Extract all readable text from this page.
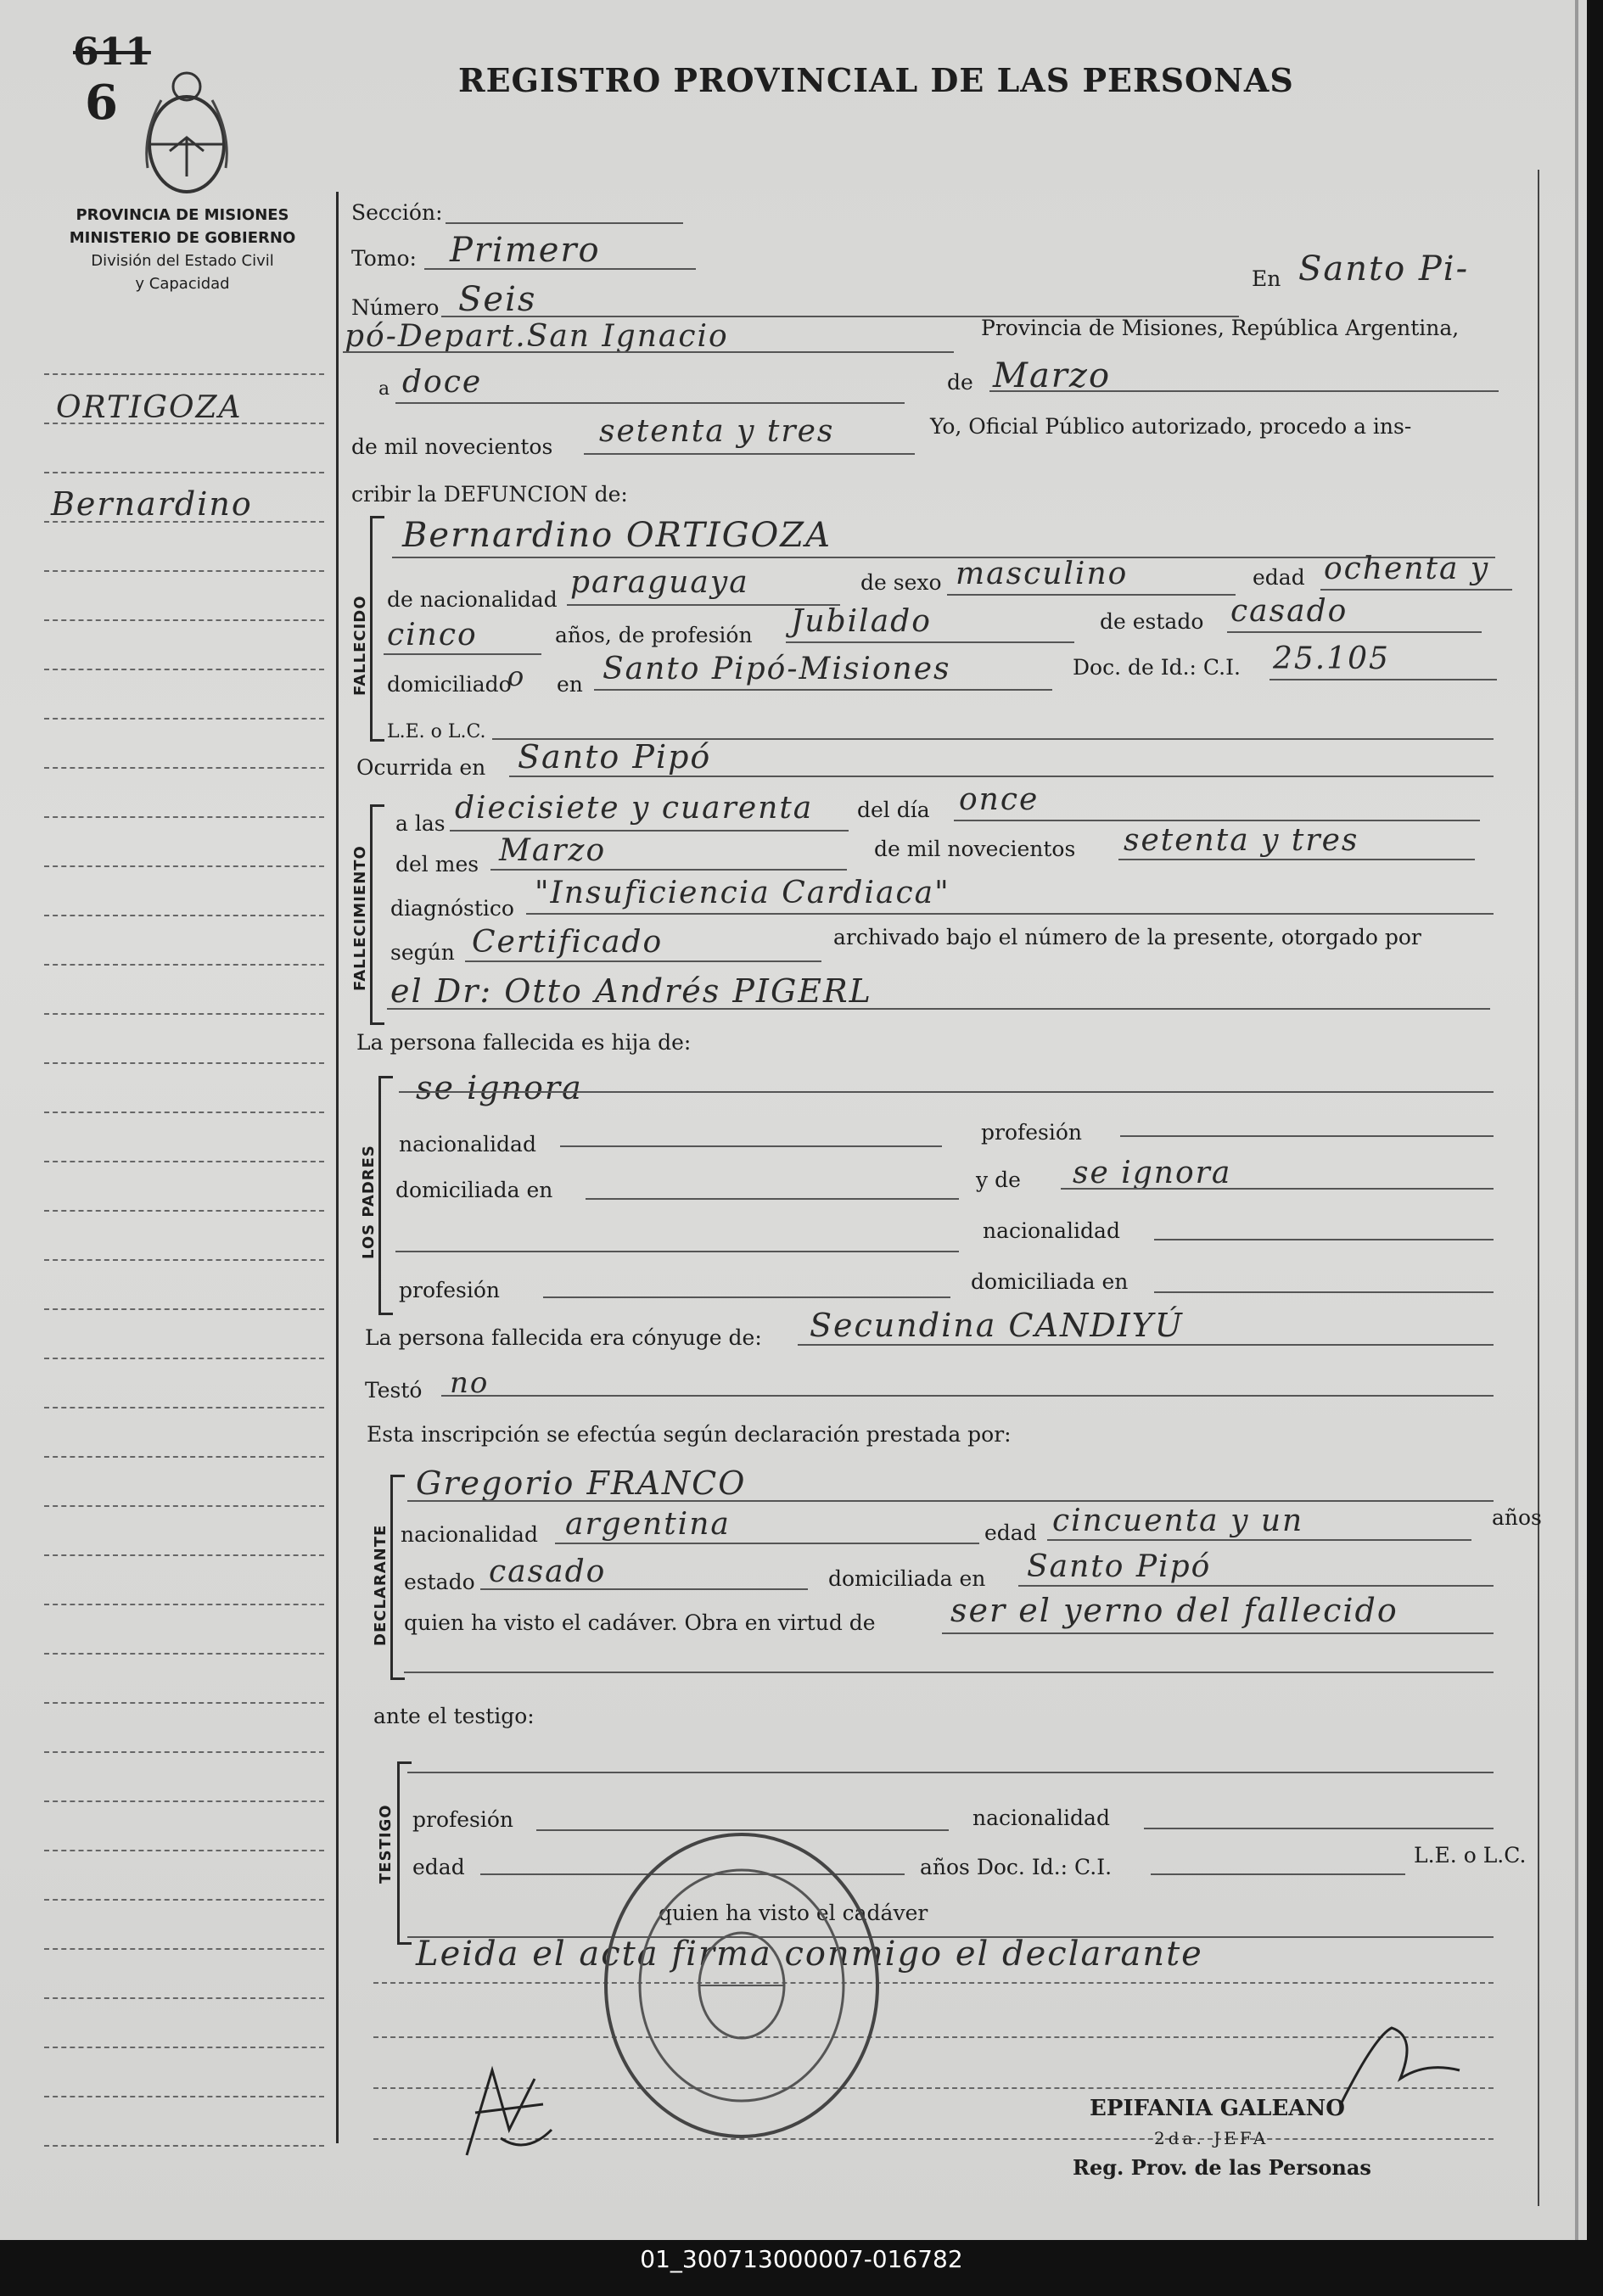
611
6	REGISTRO PROVINCIAL DE LAS PERSONAS
PROVINCIA DE MISIONES
MINISTERIO DE GOBIERNO
División del Estado Civil
y Capacidad
ORTIGOZA
Bernardino
Sección:
Tomo: Primero
Número Seis
En Santo Pi-
pó-Depart.San Ignacio	Provincia de Misiones, República Argentina,
a doce	de Marzo
de mil novecientos setenta y tres	Yo, Oficial Público autorizado, procedo a ins-
cribir la DEFUNCION de:
FALLECIDO
Bernardino ORTIGOZA
de nacionalidad paraguaya	de sexo masculino	edad ochenta y
cinco	años, de profesión Jubilado	de estado casado
domiciliado
o en Santo Pipó-Misiones	Doc. de Id.: C.I. 25.105
L.E. o L.C.
Ocurrida en Santo Pipó
FALLECIMIENTO
a las diecisiete y cuarenta del día once
del mes Marzo	de mil novecientos setenta y tres
diagnóstico "Insuficiencia Cardiaca"
según Certificado	archivado bajo el número de la presente, otorgado por
el Dr: Otto Andrés PIGERL
La persona fallecida es hija de:
LOS PADRES
se ignora
nacionalidad	profesión
domiciliada en	y de se ignora
nacionalidad
profesión	domiciliada en
La persona fallecida era cónyuge de: Secundina CANDIYÚ
Testó no
Esta inscripción se efectúa según declaración prestada por:
DECLARANTE
Gregorio FRANCO
nacionalidad argentina	edad cincuenta y un	años
estado casado	domiciliada en Santo Pipó
quien ha visto el cadáver. Obra en virtud de ser el yerno del fallecido
ante el testigo:
TESTIGO profesión	nacionalidad
edad	años Doc. Id.: C.I.	L.E. o L.C.
quien ha visto el cadáver
Leida el acta firma conmigo el declarante
EPIFANIA GALEANO
2da. JEFA
Reg. Prov. de las Personas
01_300713000007-016782
